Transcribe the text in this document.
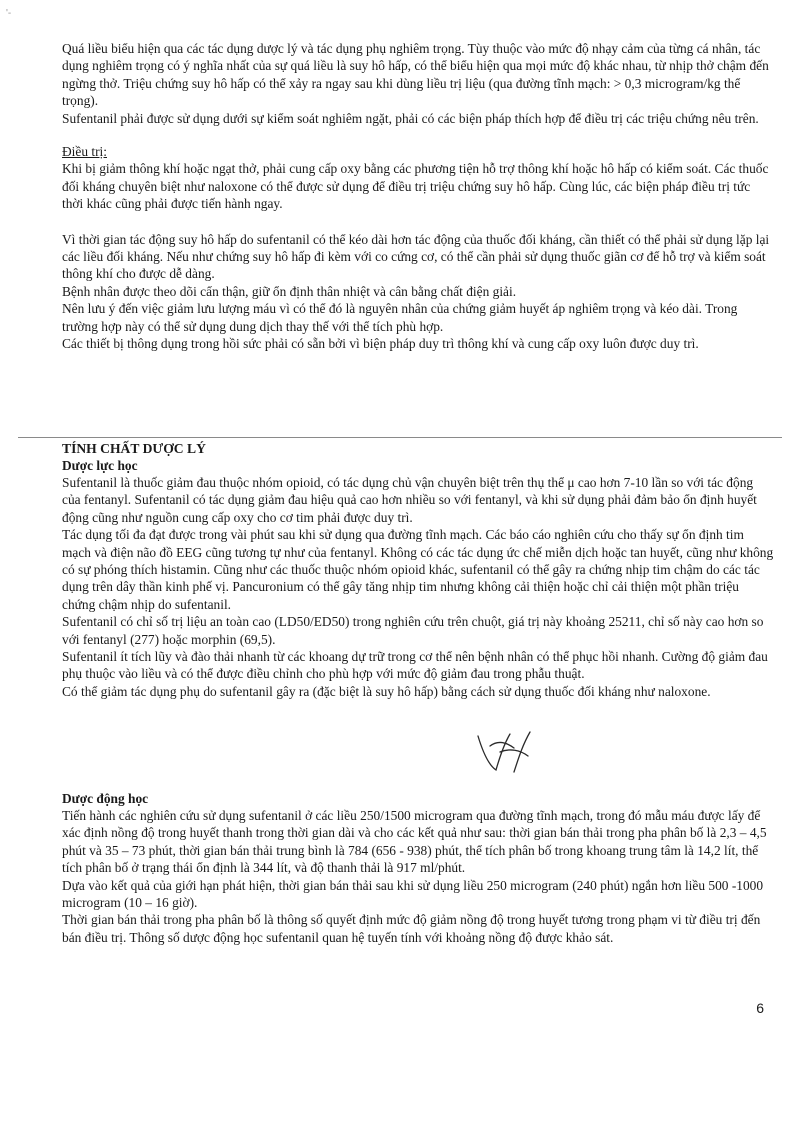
'-

Quá liều biểu hiện qua các tác dụng dược lý và tác dụng phụ nghiêm trọng. Tùy thuộc vào mức độ nhạy cảm của từng cá nhân, tác dụng nghiêm trọng có ý nghĩa nhất của sự quá liều là suy hô hấp, có thể biểu hiện qua mọi mức độ khác nhau, từ nhịp thở chậm đến ngừng thở. Triệu chứng suy hô hấp có thể xảy ra ngay sau khi dùng liều trị liệu (qua đường tĩnh mạch: > 0,3 microgram/kg thể trọng).

Sufentanil phải được sử dụng dưới sự kiểm soát nghiêm ngặt, phải có các biện pháp thích hợp để điều trị các triệu chứng nêu trên.

Điều trị:

Khi bị giảm thông khí hoặc ngạt thở, phải cung cấp oxy bằng các phương tiện hỗ trợ thông khí hoặc hô hấp có kiểm soát. Các thuốc đối kháng chuyên biệt như naloxone có thể được sử dụng để điều trị triệu chứng suy hô hấp. Cùng lúc, các biện pháp điều trị tức thời khác cũng phải được tiến hành ngay.

Vì thời gian tác động suy hô hấp do sufentanil có thể kéo dài hơn tác động của thuốc đối kháng, cần thiết có thể phải sử dụng lặp lại các liều đối kháng. Nếu như chứng suy hô hấp đi kèm với co cứng cơ, có thể cần phải sử dụng thuốc giãn cơ để hỗ trợ và kiểm soát thông khí cho được dễ dàng.

Bệnh nhân được theo dõi cẩn thận, giữ ổn định thân nhiệt và cân bằng chất điện giải.

Nên lưu ý đến việc giảm lưu lượng máu vì có thể đó là nguyên nhân của chứng giảm huyết áp nghiêm trọng và kéo dài. Trong trường hợp này có thể sử dụng dung dịch thay thế với thể tích phù hợp.

Các thiết bị thông dụng trong hồi sức phải có sẵn bởi vì biện pháp duy trì thông khí và cung cấp oxy luôn được duy trì.

TÍNH CHẤT DƯỢC LÝ

Dược lực học

Sufentanil là thuốc giảm đau thuộc nhóm opioid, có tác dụng chủ vận chuyên biệt trên thụ thể μ cao hơn 7-10 lần so với tác động của fentanyl. Sufentanil có tác dụng giảm đau hiệu quả cao hơn nhiều so với fentanyl, và khi sử dụng phải đảm bảo ổn định huyết động cũng như nguồn cung cấp oxy cho cơ tim phải được duy trì.

Tác dụng tối đa đạt được trong vài phút sau khi sử dụng qua đường tĩnh mạch. Các báo cáo nghiên cứu cho thấy sự ổn định tim mạch và điện não đồ EEG cũng tương tự như của fentanyl. Không có các tác dụng ức chế miễn dịch hoặc tan huyết, cũng như không có sự phóng thích histamin. Cũng như các thuốc thuộc nhóm opioid khác, sufentanil có thể gây ra chứng nhịp tim chậm do các tác dụng trên dây thần kinh phế vị. Pancuronium có thể gây tăng nhịp tim nhưng không cải thiện hoặc chỉ cải thiện một phần triệu chứng chậm nhịp do sufentanil.

Sufentanil có chỉ số trị liệu an toàn cao (LD50/ED50) trong nghiên cứu trên chuột, giá trị này khoảng 25211, chỉ số này cao hơn so với fentanyl (277) hoặc morphin (69,5).

Sufentanil ít tích lũy và đào thải nhanh từ các khoang dự trữ trong cơ thể nên bệnh nhân có thể phục hồi nhanh. Cường độ giảm đau phụ thuộc vào liều và có thể được điều chỉnh cho phù hợp với mức độ giảm đau trong phẫu thuật.

Có thể giảm tác dụng phụ do sufentanil gây ra (đặc biệt là suy hô hấp) bằng cách sử dụng thuốc đối kháng như naloxone.

Dược động học

Tiến hành các nghiên cứu sử dụng sufentanil ở các liều 250/1500 microgram qua đường tĩnh mạch, trong đó mẫu máu được lấy để xác định nồng độ trong huyết thanh trong thời gian dài và cho các kết quả như sau: thời gian bán thải trong pha phân bố là 2,3 – 4,5 phút và 35 – 73 phút, thời gian bán thải trung bình là 784 (656 - 938) phút, thể tích phân bố trong khoang trung tâm là 14,2 lít, thể tích phân bố ở trạng thái ổn định là 344 lít, và độ thanh thải là 917 ml/phút.

Dựa vào kết quả của giới hạn phát hiện, thời gian bán thải sau khi sử dụng liều 250 microgram (240 phút) ngắn hơn liều 500 -1000 microgram (10 – 16 giờ).

Thời gian bán thải trong pha phân bố là thông số quyết định mức độ giảm nồng độ trong huyết tương trong phạm vi từ điều trị đến bán điều trị. Thông số dược động học sufentanil quan hệ tuyến tính với khoảng nồng độ được khảo sát.

6
